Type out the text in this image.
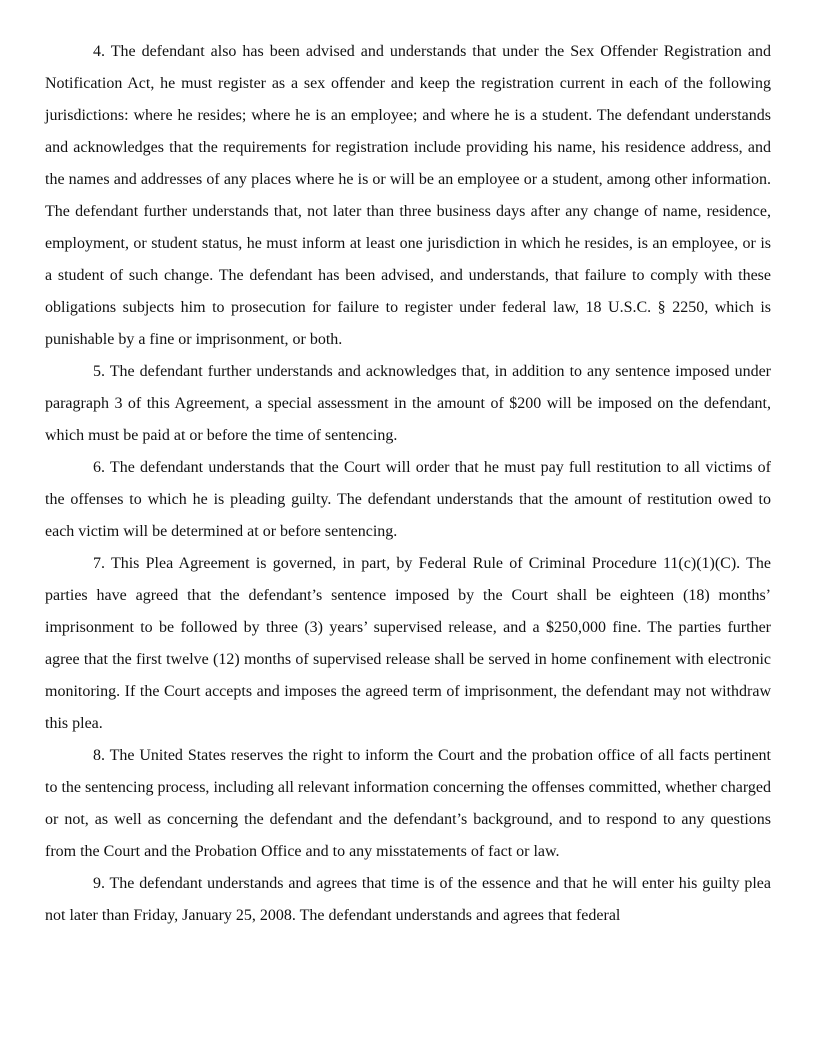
4. The defendant also has been advised and understands that under the Sex Offender Registration and Notification Act, he must register as a sex offender and keep the registration current in each of the following jurisdictions: where he resides; where he is an employee; and where he is a student. The defendant understands and acknowledges that the requirements for registration include providing his name, his residence address, and the names and addresses of any places where he is or will be an employee or a student, among other information. The defendant further understands that, not later than three business days after any change of name, residence, employment, or student status, he must inform at least one jurisdiction in which he resides, is an employee, or is a student of such change. The defendant has been advised, and understands, that failure to comply with these obligations subjects him to prosecution for failure to register under federal law, 18 U.S.C. § 2250, which is punishable by a fine or imprisonment, or both.

5. The defendant further understands and acknowledges that, in addition to any sentence imposed under paragraph 3 of this Agreement, a special assessment in the amount of $200 will be imposed on the defendant, which must be paid at or before the time of sentencing.

6. The defendant understands that the Court will order that he must pay full restitution to all victims of the offenses to which he is pleading guilty. The defendant understands that the amount of restitution owed to each victim will be determined at or before sentencing.

7. This Plea Agreement is governed, in part, by Federal Rule of Criminal Procedure 11(c)(1)(C). The parties have agreed that the defendant’s sentence imposed by the Court shall be eighteen (18) months’ imprisonment to be followed by three (3) years’ supervised release, and a $250,000 fine. The parties further agree that the first twelve (12) months of supervised release shall be served in home confinement with electronic monitoring. If the Court accepts and imposes the agreed term of imprisonment, the defendant may not withdraw this plea.

8. The United States reserves the right to inform the Court and the probation office of all facts pertinent to the sentencing process, including all relevant information concerning the offenses committed, whether charged or not, as well as concerning the defendant and the defendant’s background, and to respond to any questions from the Court and the Probation Office and to any misstatements of fact or law.

9. The defendant understands and agrees that time is of the essence and that he will enter his guilty plea not later than Friday, January 25, 2008. The defendant understands and agrees that federal
